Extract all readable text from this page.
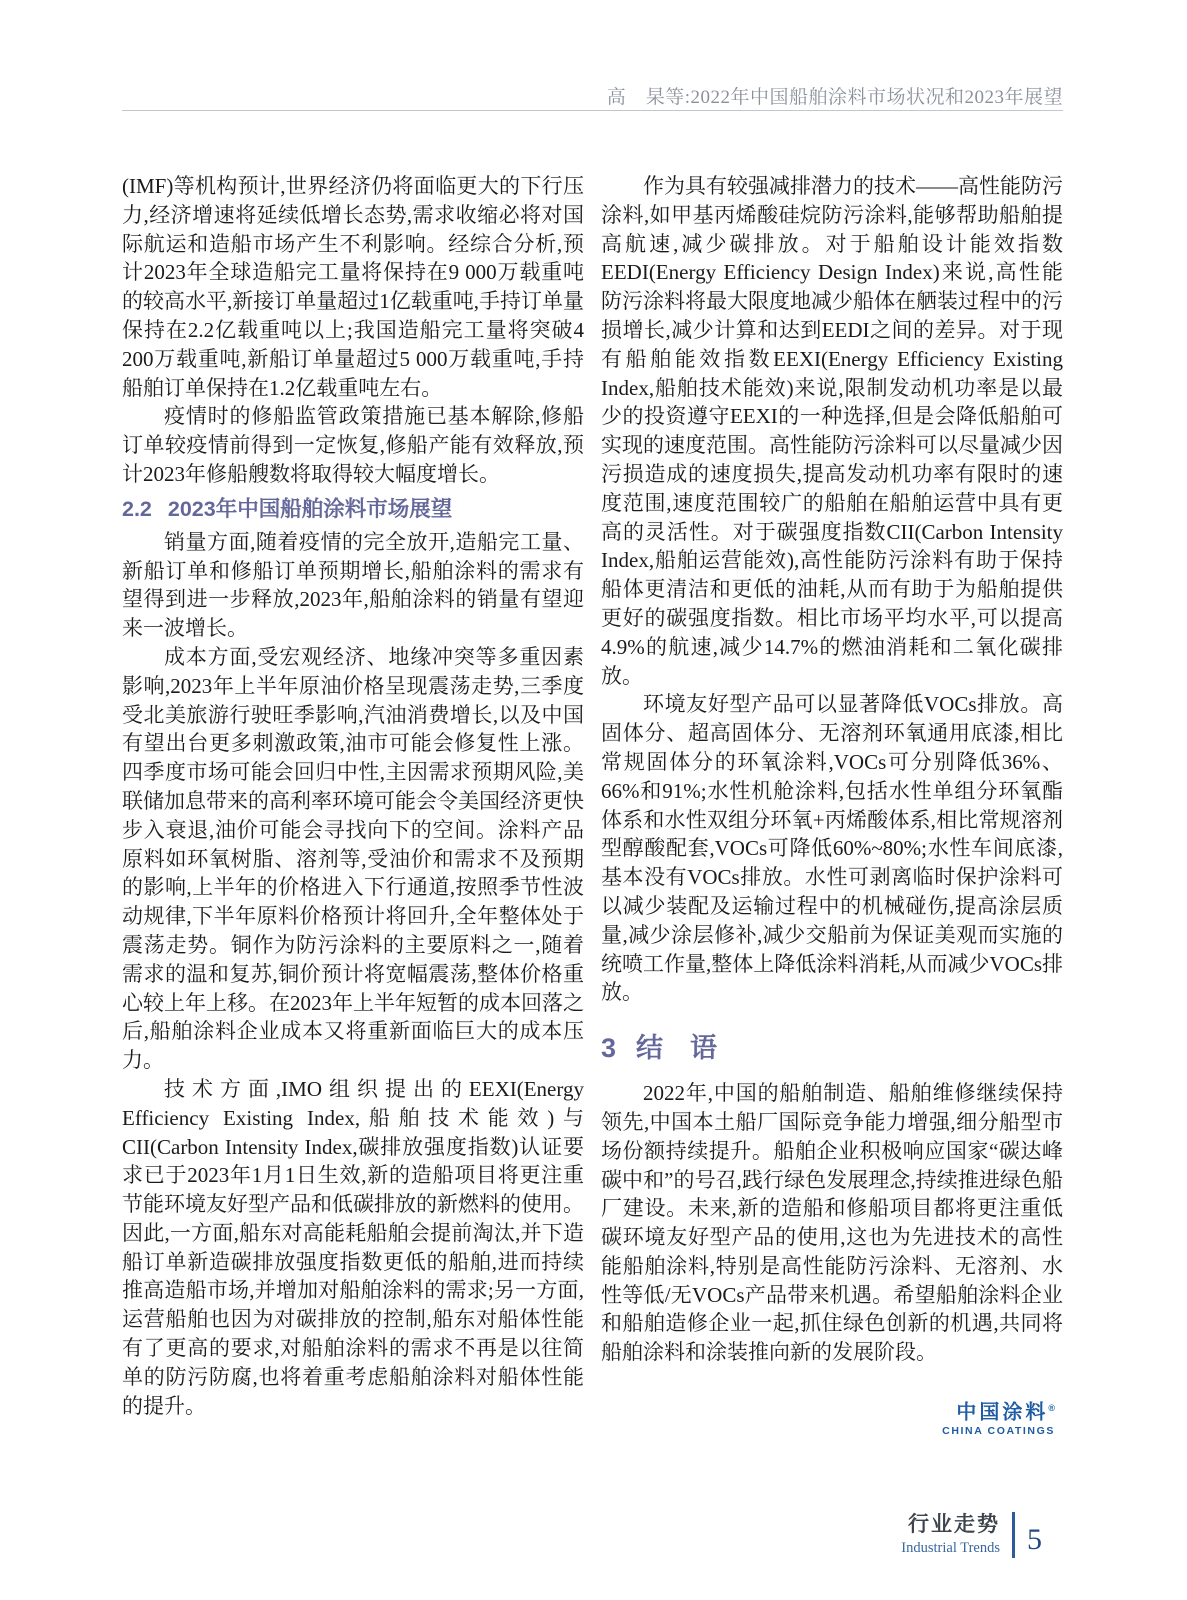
高　杲等:2022年中国船舶涂料市场状况和2023年展望

(IMF)等机构预计,世界经济仍将面临更大的下行压力,经济增速将延续低增长态势,需求收缩必将对国际航运和造船市场产生不利影响。经综合分析,预计2023年全球造船完工量将保持在9 000万载重吨的较高水平,新接订单量超过1亿载重吨,手持订单量保持在2.2亿载重吨以上;我国造船完工量将突破4 200万载重吨,新船订单量超过5 000万载重吨,手持船舶订单保持在1.2亿载重吨左右。

疫情时的修船监管政策措施已基本解除,修船订单较疫情前得到一定恢复,修船产能有效释放,预计2023年修船艘数将取得较大幅度增长。

2.2 2023年中国船舶涂料市场展望

销量方面,随着疫情的完全放开,造船完工量、新船订单和修船订单预期增长,船舶涂料的需求有望得到进一步释放,2023年,船舶涂料的销量有望迎来一波增长。

成本方面,受宏观经济、地缘冲突等多重因素影响,2023年上半年原油价格呈现震荡走势,三季度受北美旅游行驶旺季影响,汽油消费增长,以及中国有望出台更多刺激政策,油市可能会修复性上涨。四季度市场可能会回归中性,主因需求预期风险,美联储加息带来的高利率环境可能会令美国经济更快步入衰退,油价可能会寻找向下的空间。涂料产品原料如环氧树脂、溶剂等,受油价和需求不及预期的影响,上半年的价格进入下行通道,按照季节性波动规律,下半年原料价格预计将回升,全年整体处于震荡走势。铜作为防污涂料的主要原料之一,随着需求的温和复苏,铜价预计将宽幅震荡,整体价格重心较上年上移。在2023年上半年短暂的成本回落之后,船舶涂料企业成本又将重新面临巨大的成本压力。

技术方面,IMO组织提出的EEXI(Energy Efficiency Existing Index,船舶技术能效)与CII(Carbon Intensity Index,碳排放强度指数)认证要求已于2023年1月1日生效,新的造船项目将更注重节能环境友好型产品和低碳排放的新燃料的使用。因此,一方面,船东对高能耗船舶会提前淘汰,并下造船订单新造碳排放强度指数更低的船舶,进而持续推高造船市场,并增加对船舶涂料的需求;另一方面,运营船舶也因为对碳排放的控制,船东对船体性能有了更高的要求,对船舶涂料的需求不再是以往简单的防污防腐,也将着重考虑船舶涂料对船体性能的提升。

作为具有较强减排潜力的技术——高性能防污涂料,如甲基丙烯酸硅烷防污涂料,能够帮助船舶提高航速,减少碳排放。对于船舶设计能效指数EEDI(Energy Efficiency Design Index)来说,高性能防污涂料将最大限度地减少船体在舾装过程中的污损增长,减少计算和达到EEDI之间的差异。对于现有船舶能效指数EEXI(Energy Efficiency Existing Index,船舶技术能效)来说,限制发动机功率是以最少的投资遵守EEXI的一种选择,但是会降低船舶可实现的速度范围。高性能防污涂料可以尽量减少因污损造成的速度损失,提高发动机功率有限时的速度范围,速度范围较广的船舶在船舶运营中具有更高的灵活性。对于碳强度指数CII(Carbon Intensity Index,船舶运营能效),高性能防污涂料有助于保持船体更清洁和更低的油耗,从而有助于为船舶提供更好的碳强度指数。相比市场平均水平,可以提高4.9%的航速,减少14.7%的燃油消耗和二氧化碳排放。

环境友好型产品可以显著降低VOCs排放。高固体分、超高固体分、无溶剂环氧通用底漆,相比常规固体分的环氧涂料,VOCs可分别降低36%、66%和91%;水性机舱涂料,包括水性单组分环氧酯体系和水性双组分环氧+丙烯酸体系,相比常规溶剂型醇酸配套,VOCs可降低60%~80%;水性车间底漆,基本没有VOCs排放。水性可剥离临时保护涂料可以减少装配及运输过程中的机械碰伤,提高涂层质量,减少涂层修补,减少交船前为保证美观而实施的统喷工作量,整体上降低涂料消耗,从而减少VOCs排放。

3 结　语

2022年,中国的船舶制造、船舶维修继续保持领先,中国本土船厂国际竞争能力增强,细分船型市场份额持续提升。船舶企业积极响应国家“碳达峰碳中和”的号召,践行绿色发展理念,持续推进绿色船厂建设。未来,新的造船和修船项目都将更注重低碳环境友好型产品的使用,这也为先进技术的高性能船舶涂料,特别是高性能防污涂料、无溶剂、水性等低/无VOCs产品带来机遇。希望船舶涂料企业和船舶造修企业一起,抓住绿色创新的机遇,共同将船舶涂料和涂装推向新的发展阶段。

中国涂料®
CHINA COATINGS
行业走势
Industrial Trends 5
